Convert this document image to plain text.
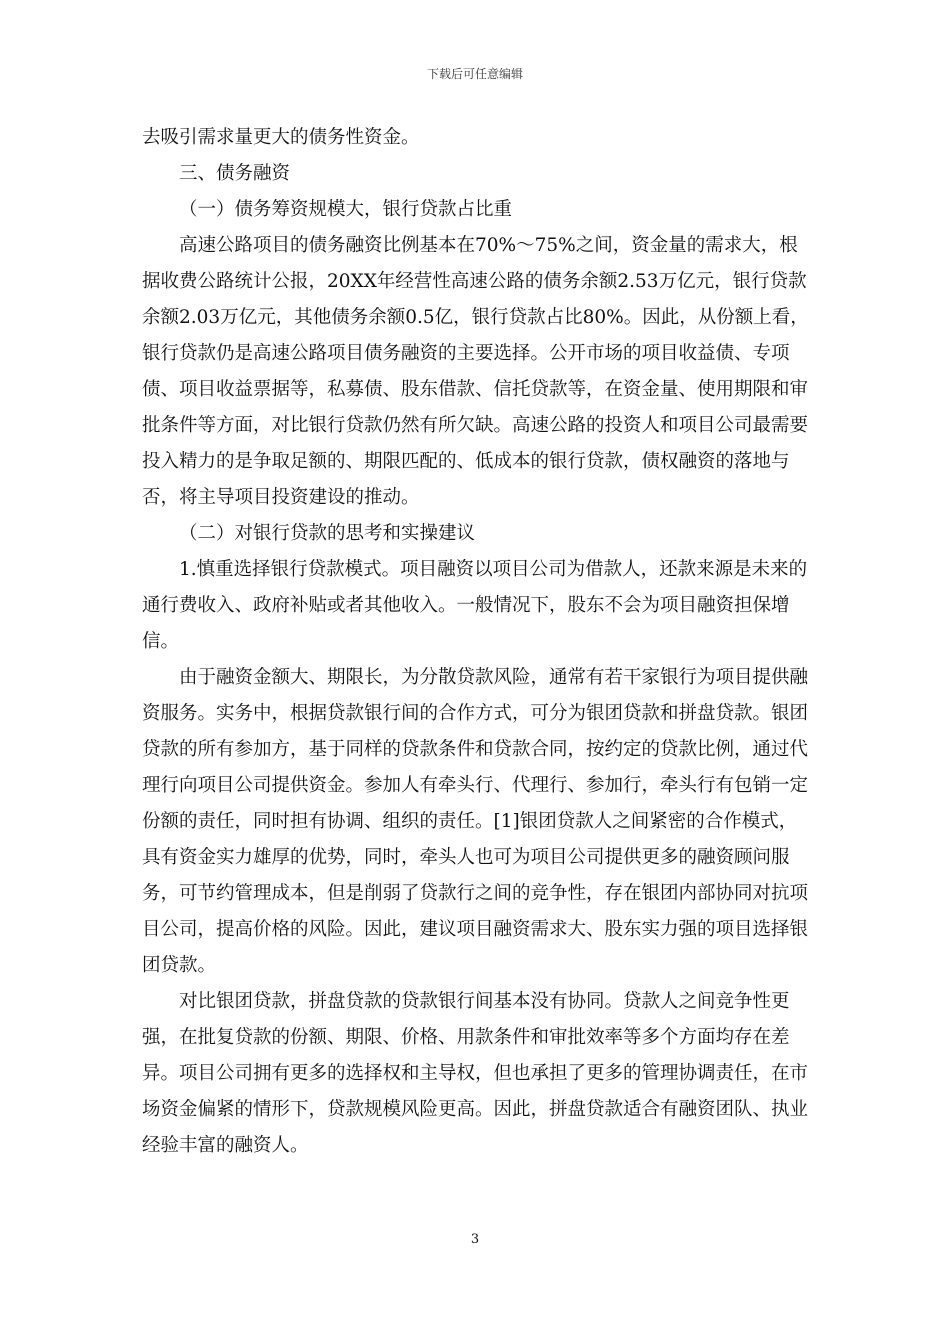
下载后可任意编辑

去吸引需求量更大的债务性资金。

三、债务融资

（一）债务筹资规模大，银行贷款占比重

高速公路项目的债务融资比例基本在70%～75%之间，资金量的需求大，根据收费公路统计公报，20XX年经营性高速公路的债务余额2.53万亿元，银行贷款余额2.03万亿元，其他债务余额0.5亿，银行贷款占比80%。因此，从份额上看，银行贷款仍是高速公路项目债务融资的主要选择。公开市场的项目收益债、专项债、项目收益票据等，私募债、股东借款、信托贷款等，在资金量、使用期限和审批条件等方面，对比银行贷款仍然有所欠缺。高速公路的投资人和项目公司最需要投入精力的是争取足额的、期限匹配的、低成本的银行贷款，债权融资的落地与否，将主导项目投资建设的推动。

（二）对银行贷款的思考和实操建议

1.慎重选择银行贷款模式。项目融资以项目公司为借款人，还款来源是未来的通行费收入、政府补贴或者其他收入。一般情况下，股东不会为项目融资担保增信。

由于融资金额大、期限长，为分散贷款风险，通常有若干家银行为项目提供融资服务。实务中，根据贷款银行间的合作方式，可分为银团贷款和拼盘贷款。银团贷款的所有参加方，基于同样的贷款条件和贷款合同，按约定的贷款比例，通过代理行向项目公司提供资金。参加人有牵头行、代理行、参加行，牵头行有包销一定份额的责任，同时担有协调、组织的责任。[1]银团贷款人之间紧密的合作模式，具有资金实力雄厚的优势，同时，牵头人也可为项目公司提供更多的融资顾问服务，可节约管理成本，但是削弱了贷款行之间的竞争性，存在银团内部协同对抗项目公司，提高价格的风险。因此，建议项目融资需求大、股东实力强的项目选择银团贷款。

对比银团贷款，拼盘贷款的贷款银行间基本没有协同。贷款人之间竞争性更强，在批复贷款的份额、期限、价格、用款条件和审批效率等多个方面均存在差异。项目公司拥有更多的选择权和主导权，但也承担了更多的管理协调责任，在市场资金偏紧的情形下，贷款规模风险更高。因此，拼盘贷款适合有融资团队、执业经验丰富的融资人。

3
